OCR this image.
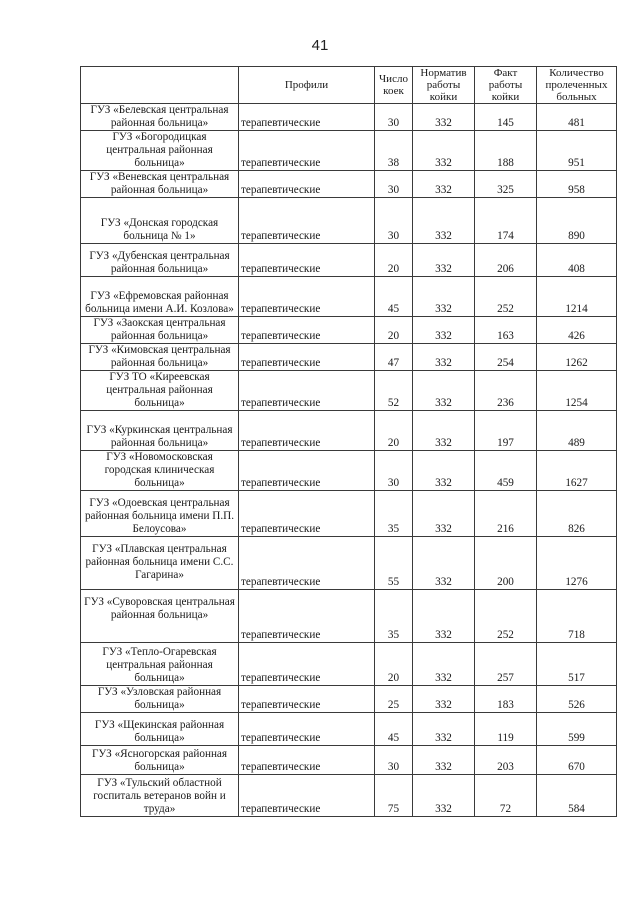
41
	Профили	Число коек	Норматив работы койки	Факт работы койки	Количество пролеченных больных
ГУЗ «Белевская центральная районная больница»	терапевтические	30	332	145	481
ГУЗ «Богородицкая центральная районная больница»	терапевтические	38	332	188	951
ГУЗ «Веневская центральная районная больница»	терапевтические	30	332	325	958
ГУЗ «Донская городская больница № 1»	терапевтические	30	332	174	890
ГУЗ «Дубенская центральная районная больница»	терапевтические	20	332	206	408
ГУЗ «Ефремовская районная больница имени А.И. Козлова»	терапевтические	45	332	252	1214
ГУЗ «Заокская центральная районная больница»	терапевтические	20	332	163	426
ГУЗ «Кимовская центральная районная больница»	терапевтические	47	332	254	1262
ГУЗ ТО «Киреевская центральная районная больница»	терапевтические	52	332	236	1254
ГУЗ «Куркинская центральная районная больница»	терапевтические	20	332	197	489
ГУЗ «Новомосковская городская клиническая больница»	терапевтические	30	332	459	1627
ГУЗ «Одоевская центральная районная больница имени П.П. Белоусова»	терапевтические	35	332	216	826
ГУЗ «Плавская центральная районная больница имени С.С. Гагарина»	терапевтические	55	332	200	1276
ГУЗ «Суворовская центральная районная больница»	терапевтические	35	332	252	718
ГУЗ «Тепло-Огаревская центральная районная больница»	терапевтические	20	332	257	517
ГУЗ «Узловская районная больница»	терапевтические	25	332	183	526
ГУЗ «Щекинская районная больница»	терапевтические	45	332	119	599
ГУЗ «Ясногорская районная больница»	терапевтические	30	332	203	670
ГУЗ «Тульский областной госпиталь ветеранов войн и труда»	терапевтические	75	332	72	584
